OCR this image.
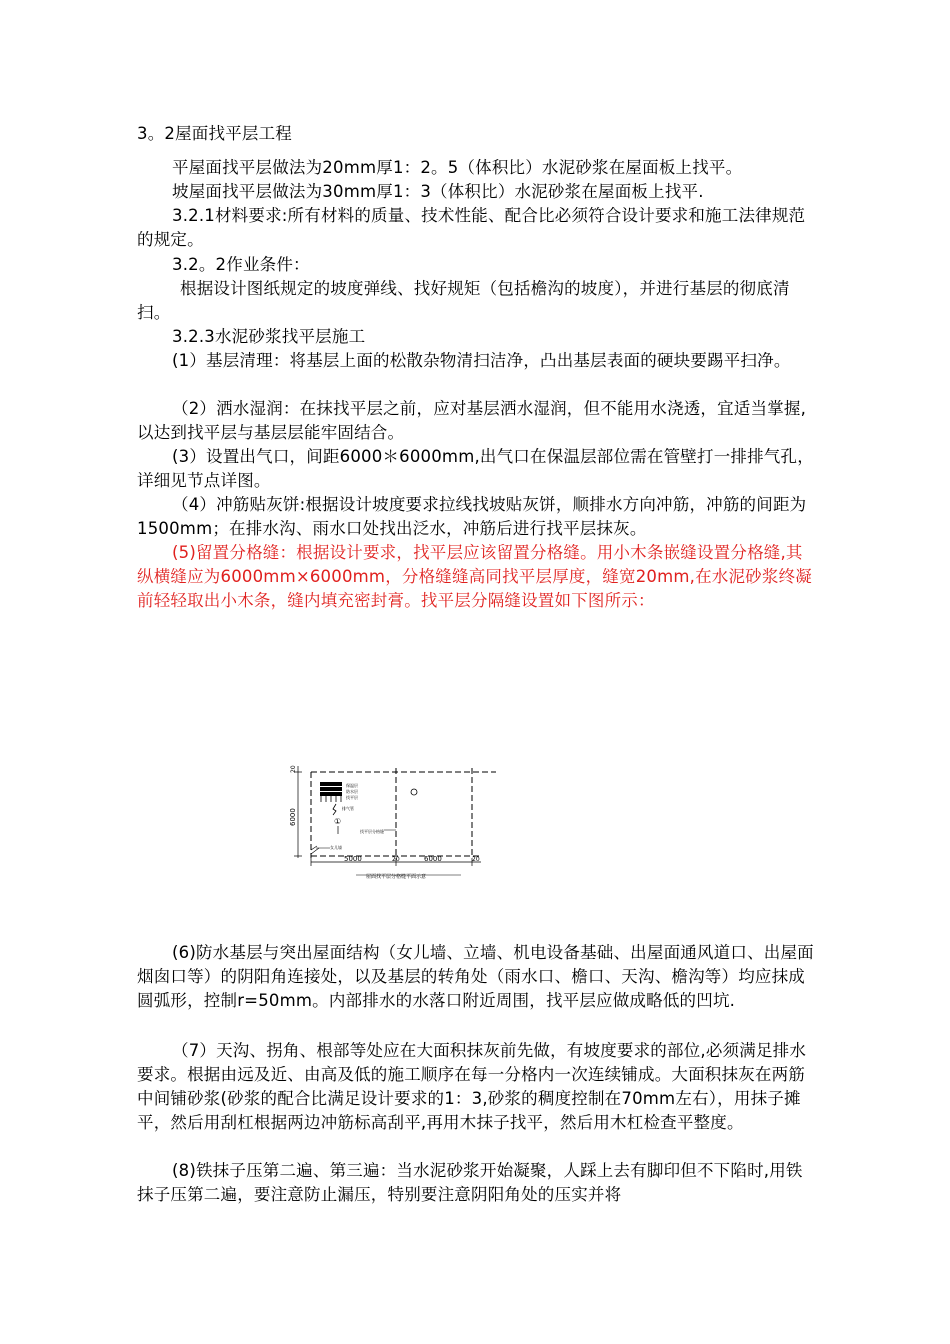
3。2屋面找平层工程

平屋面找平层做法为20mm厚1：2。5（体积比）水泥砂浆在屋面板上找平。

坡屋面找平层做法为30mm厚1：3（体积比）水泥砂浆在屋面板上找平.

3.2.1材料要求:所有材料的质量、技术性能、配合比必须符合设计要求和施工法律规范的规定。

3.2。2作业条件：

根据设计图纸规定的坡度弹线、找好规矩（包括檐沟的坡度），并进行基层的彻底清扫。

3.2.3水泥砂浆找平层施工

(1）基层清理：将基层上面的松散杂物清扫洁净，凸出基层表面的硬块要踢平扫净。

（2）洒水湿润：在抹找平层之前，应对基层洒水湿润，但不能用水浇透，宜适当掌握,以达到找平层与基层层能牢固结合。

(3）设置出气口，间距6000＊6000mm,出气口在保温层部位需在管壁打一排排气孔，详细见节点详图。

（4）冲筋贴灰饼:根据设计坡度要求拉线找坡贴灰饼，顺排水方向冲筋，冲筋的间距为1500mm；在排水沟、雨水口处找出泛水，冲筋后进行找平层抹灰。

(5)留置分格缝：根据设计要求，找平层应该留置分格缝。用小木条嵌缝设置分格缝,其纵横缝应为6000mm×6000mm，分格缝缝高同找平层厚度，缝宽20mm,在水泥砂浆终凝前轻轻取出小木条，缝内填充密封膏。找平层分隔缝设置如下图所示：

20
6000
5000	20	6000	20
保温层
防水层
找平层
排气管
①
找平层分格缝
女儿墙
屋面找平层分格缝平面示意

(6)防水基层与突出屋面结构（女儿墙、立墙、机电设备基础、出屋面通风道口、出屋面烟囱口等）的阴阳角连接处，以及基层的转角处（雨水口、檐口、天沟、檐沟等）均应抹成圆弧形，控制r=50mm。内部排水的水落口附近周围，找平层应做成略低的凹坑.

（7）天沟、拐角、根部等处应在大面积抹灰前先做，有坡度要求的部位,必须满足排水要求。根据由远及近、由高及低的施工顺序在每一分格内一次连续铺成。大面积抹灰在两筋中间铺砂浆(砂浆的配合比满足设计要求的1：3,砂浆的稠度控制在70mm左右），用抹子摊平，然后用刮杠根据两边冲筋标高刮平,再用木抹子找平，然后用木杠检查平整度。

(8)铁抹子压第二遍、第三遍：当水泥砂浆开始凝聚，人踩上去有脚印但不下陷时,用铁抹子压第二遍，要注意防止漏压，特别要注意阴阳角处的压实并将
